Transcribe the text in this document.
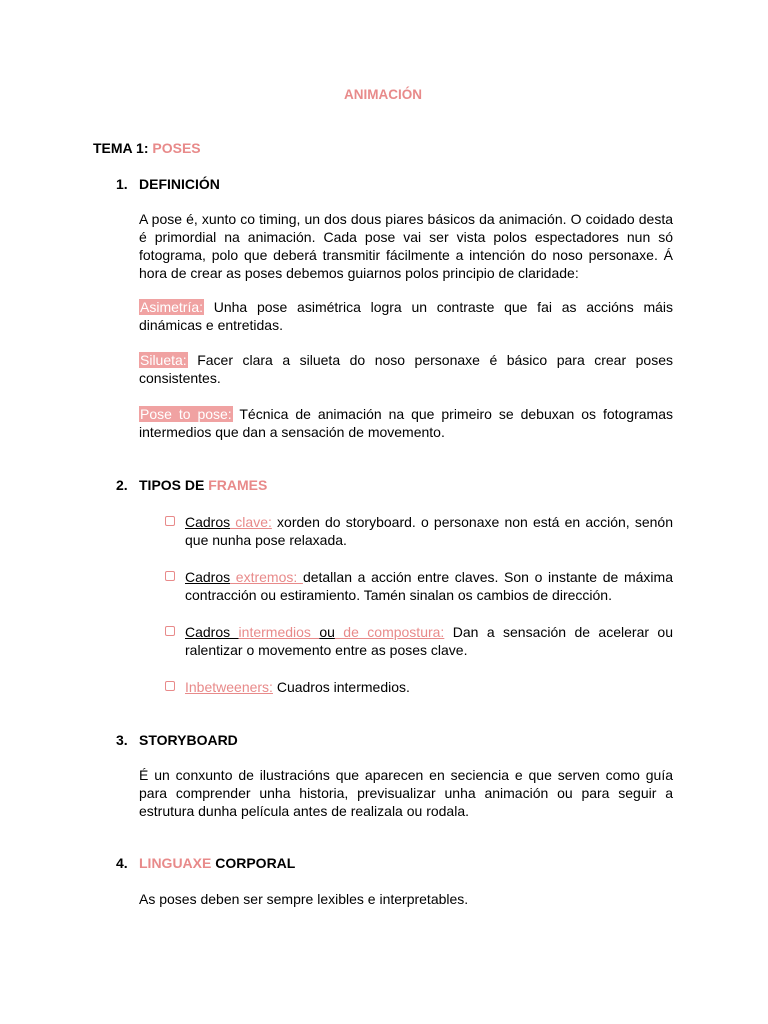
ANIMACIÓN
TEMA 1: POSES
1. DEFINICIÓN
A pose é, xunto co timing, un dos dous piares básicos da animación. O coidado desta é primordial na animación. Cada pose vai ser vista polos espectadores nun só fotograma, polo que deberá transmitir fácilmente a intención do noso personaxe. Á hora de crear as poses debemos guiarnos polos principio de claridade:
Asimetría: Unha pose asimétrica logra un contraste que fai as accións máis dinámicas e entretidas.
Silueta: Facer clara a silueta do noso personaxe é básico para crear poses consistentes.
Pose to pose: Técnica de animación na que primeiro se debuxan os fotogramas intermedios que dan a sensación de movemento.
2. TIPOS DE FRAMES
Cadros clave: xorden do storyboard. o personaxe non está en acción, senón que nunha pose relaxada.
Cadros extremos: detallan a acción entre claves. Son o instante de máxima contracción ou estiramiento. Tamén sinalan os cambios de dirección.
Cadros intermedios ou de compostura: Dan a sensación de acelerar ou ralentizar o movemento entre as poses clave.
Inbetweeners: Cuadros intermedios.
3. STORYBOARD
É un conxunto de ilustracións que aparecen en seciencia e que serven como guía para comprender unha historia, previsualizar unha animación ou para seguir a estrutura dunha película antes de realizala ou rodala.
4. LINGUAXE CORPORAL
As poses deben ser sempre lexibles e interpretables.
